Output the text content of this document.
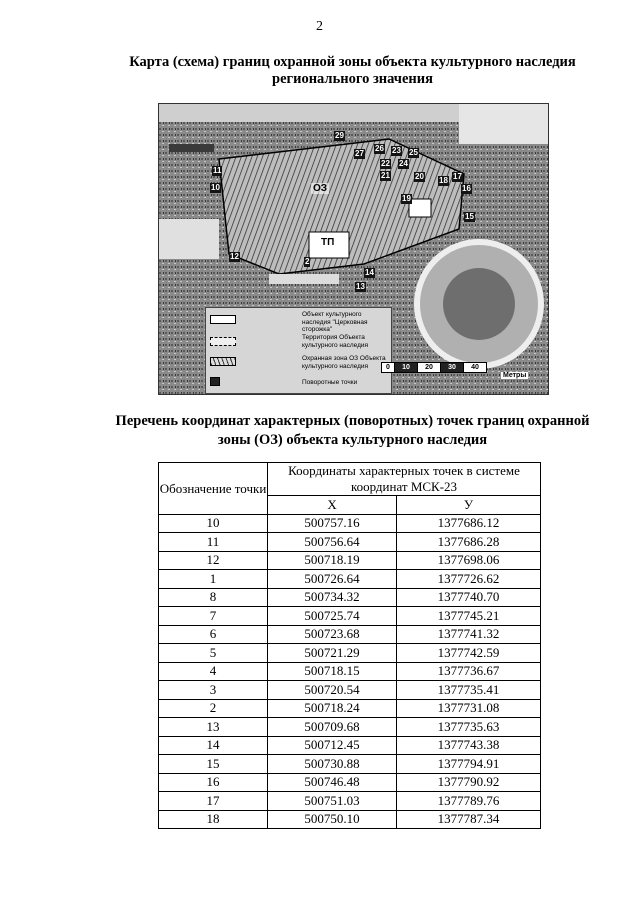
2
Карта (схема) границ охранной зоны объекта культурного наследия
регионального значения
ОЗ
ТП
29
27
26 23 25
22 24
21	20 18 17
16
10
11
19
15
12
2
13
14
Объект культурного наследия "Церковная сторожка"
Территория Объекта культурного наследия
Охранная зона ОЗ Объекта культурного наследия
Поворотные точки
0	10	20	30	40
Метры
Перечень координат характерных (поворотных) точек границ охранной
зоны (ОЗ) объекта культурного наследия
Обозначение точки	Координаты характерных точек в системе координат МСК-23	
	X	У
10	500757.16	1377686.12
11	500756.64	1377686.28
12	500718.19	1377698.06
1	500726.64	1377726.62
8	500734.32	1377740.70
7	500725.74	1377745.21
6	500723.68	1377741.32
5	500721.29	1377742.59
4	500718.15	1377736.67
3	500720.54	1377735.41
2	500718.24	1377731.08
13	500709.68	1377735.63
14	500712.45	1377743.38
15	500730.88	1377794.91
16	500746.48	1377790.92
17	500751.03	1377789.76
18	500750.10	1377787.34
